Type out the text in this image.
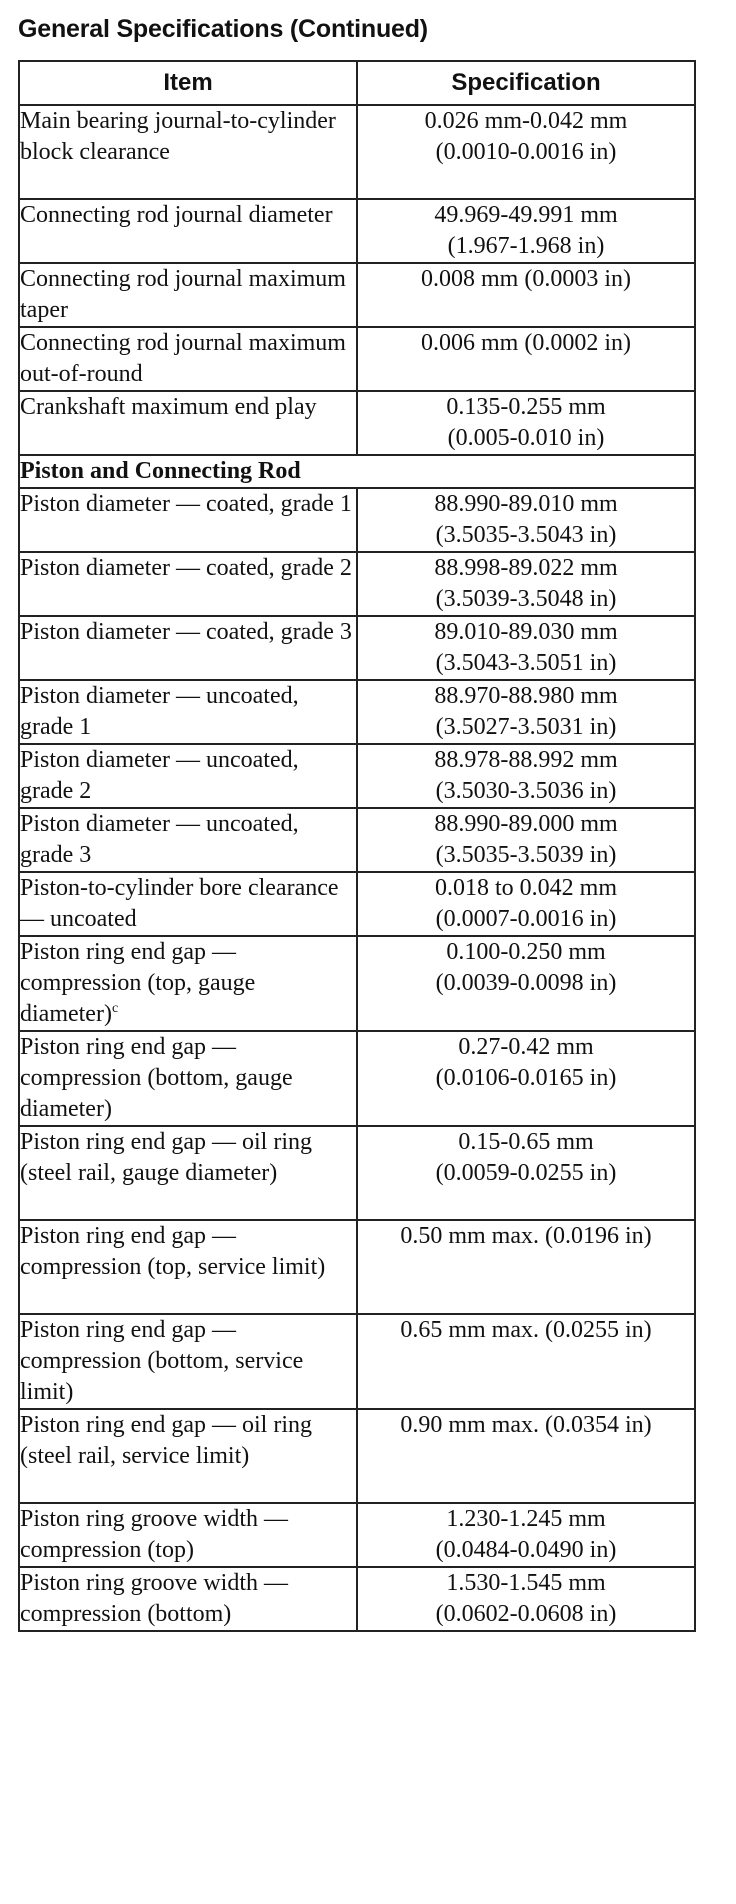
General Specifications (Continued)
Item	Specification
Main bearing journal-to-cylinder block clearance	0.026 mm-0.042 mm
(0.0010-0.0016 in)

Connecting rod journal diameter	49.969-49.991 mm
(1.967-1.968 in)

Connecting rod journal maximum taper	0.008 mm (0.0003 in)

Connecting rod journal maximum out-of-round	0.006 mm (0.0002 in)

Crankshaft maximum end play	0.135-0.255 mm
(0.005-0.010 in)

Piston and Connecting Rod	
Piston diameter — coated, grade 1	88.990-89.010 mm
(3.5035-3.5043 in)

Piston diameter — coated, grade 2	88.998-89.022 mm
(3.5039-3.5048 in)

Piston diameter — coated, grade 3	89.010-89.030 mm
(3.5043-3.5051 in)

Piston diameter — uncoated, grade 1	88.970-88.980 mm
(3.5027-3.5031 in)

Piston diameter — uncoated, grade 2	88.978-88.992 mm
(3.5030-3.5036 in)

Piston diameter — uncoated, grade 3	88.990-89.000 mm
(3.5035-3.5039 in)

Piston-to-cylinder bore clearance — uncoated	0.018 to 0.042 mm
(0.0007-0.0016 in)

Piston ring end gap — compression (top, gauge diameter)$^c$	0.100-0.250 mm
(0.0039-0.0098 in)

Piston ring end gap — compression (bottom, gauge diameter)	0.27-0.42 mm
(0.0106-0.0165 in)

Piston ring end gap — oil ring (steel rail, gauge diameter)	0.15-0.65 mm
(0.0059-0.0255 in)

Piston ring end gap — compression (top, service limit)	0.50 mm max. (0.0196 in)

Piston ring end gap — compression (bottom, service limit)	0.65 mm max. (0.0255 in)

Piston ring end gap — oil ring (steel rail, service limit)	0.90 mm max. (0.0354 in)

Piston ring groove width — compression (top)	1.230-1.245 mm
(0.0484-0.0490 in)

Piston ring groove width — compression (bottom)	1.530-1.545 mm
(0.0602-0.0608 in)
